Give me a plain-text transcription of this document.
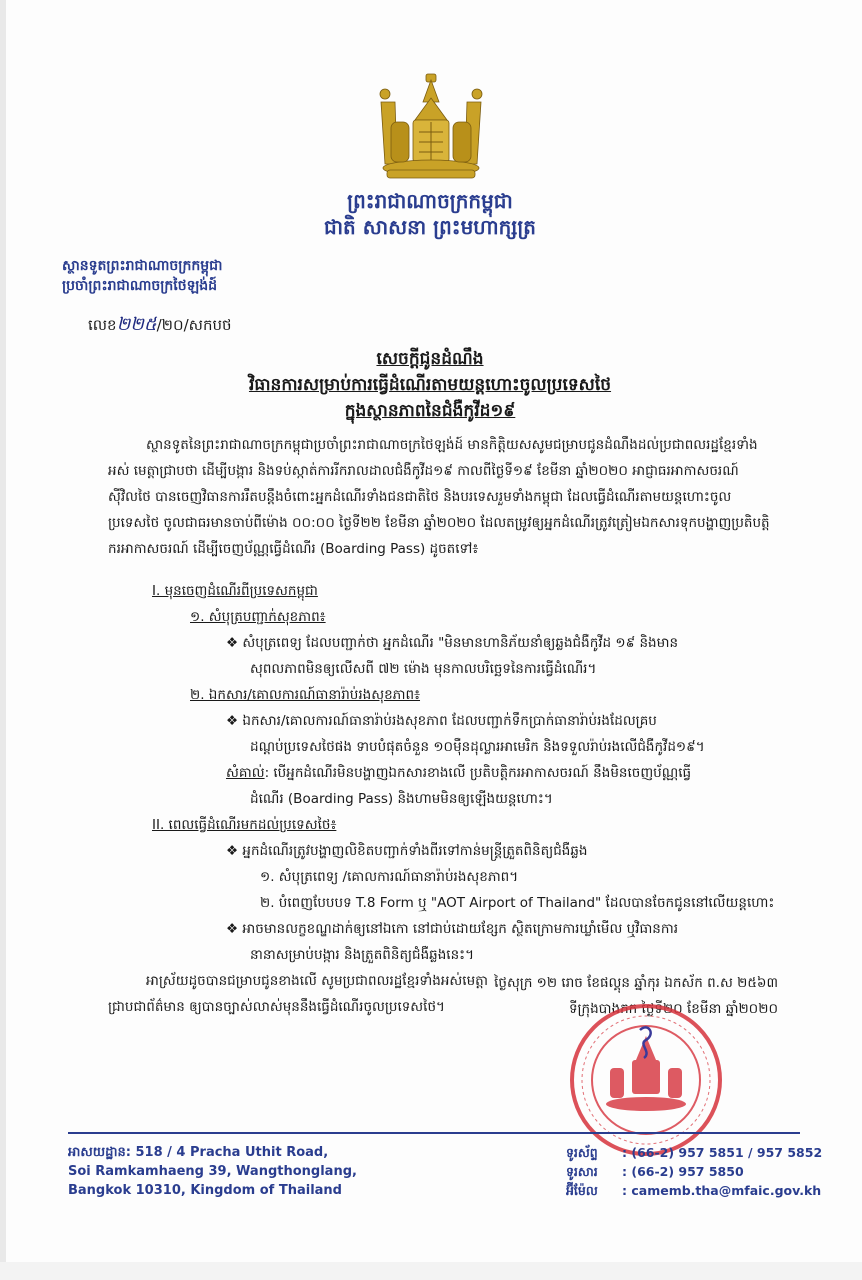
ព្រះរាជាណាចក្រកម្ពុជា
ជាតិ សាសនា ព្រះមហាក្សត្រ
ស្ថានទូតព្រះរាជាណាចក្រកម្ពុជា
ប្រចាំព្រះរាជាណាចក្រថៃឡង់ដ៍
លេខ២២៥/២០/សកបថ
សេចក្តីជូនដំណឹង
វិធានការសម្រាប់ការធ្វើដំណើរតាមយន្តហោះចូលប្រទេសថៃ
ក្នុងស្ថានភាពនៃជំងឺកូវីដ១៩

ស្ថានទូតនៃព្រះរាជាណាចក្រកម្ពុជាប្រចាំព្រះរាជាណាចក្រថៃឡង់ដ៍ មានកិត្តិយសសូមជម្រាបជូនដំណឹងដល់ប្រជាពលរដ្ឋខ្មែរទាំងអស់ មេត្តាជ្រាបថា ដើម្បីបង្ការ និងទប់ស្កាត់ការរីករាលដាលជំងឺកូវីដ១៩ កាលពីថ្ងៃទី១៩ ខែមីនា ឆ្នាំ២០២០ អាជ្ញាធរអាកាសចរណ៍ស៊ីវិលថៃ បានចេញវិធានការរឹតបន្តឹងចំពោះអ្នកដំណើរទាំងជនជាតិថៃ និងបរទេសរួមទាំងកម្ពុជា ដែលធ្វើដំណើរតាមយន្តហោះចូលប្រទេសថៃ ចូលជាធរមានចាប់ពីម៉ោង ០០:០០ ថ្ងៃទី២២ ខែមីនា ឆ្នាំ២០២០ ដែលតម្រូវឲ្យអ្នកដំណើរត្រូវត្រៀមឯកសារទុកបង្ហាញប្រតិបត្តិករអាកាសចរណ៍ ដើម្បីចេញប័ណ្ណធ្វើដំណើរ (Boarding Pass) ដូចតទៅ៖

I. មុនចេញដំណើរពីប្រទេសកម្ពុជា
១. សំបុត្របញ្ជាក់សុខភាព៖
❖ សំបុត្រពេទ្យ ដែលបញ្ជាក់ថា អ្នកដំណើរ "មិនមានហានិភ័យនាំឲ្យឆ្លងជំងឺកូវីដ ១៩ និងមាន
សុពលភាពមិនឲ្យលើសពី ៧២ ម៉ោង មុនកាលបរិច្ឆេទនៃការធ្វើដំណើរ។
២. ឯកសារ/គោលការណ៍ធានារ៉ាប់រងសុខភាព៖
❖ ឯកសារ/គោលការណ៍ធានារ៉ាប់រងសុខភាព ដែលបញ្ជាក់ទឹកប្រាក់ធានារ៉ាប់រងដែលគ្រប
ដណ្តប់ប្រទេសថៃផង ទាបបំផុតចំនួន ១០ម៉ឺនដុល្លារអាមេរិក និងទទួលរ៉ាប់រងលើជំងឺកូវីដ១៩។
សំគាល់: បើអ្នកដំណើរមិនបង្ហាញឯកសារខាងលើ ប្រតិបត្តិករអាកាសចរណ៍ នឹងមិនចេញប័ណ្ណធ្វើ
ដំណើរ (Boarding Pass) និងហាមមិនឲ្យឡើងយន្តហោះ។
II. ពេលធ្វើដំណើរមកដល់ប្រទេសថៃ៖
❖ អ្នកដំណើរត្រូវបង្ហាញលិខិតបញ្ជាក់ទាំងពីរទៅកាន់មន្ត្រីត្រួតពិនិត្យជំងឺឆ្លង
១. សំបុត្រពេទ្យ /គោលការណ៍ធានារ៉ាប់រងសុខភាព។
២. បំពេញបែបបទ T.8 Form ឬ "AOT Airport of Thailand" ដែលបានចែកជូននៅលើយន្តហោះ
❖ អាចមានលក្ខខណ្ឌដាក់ឲ្យនៅឯកោ នៅជាប់ដោយខ្សែក ស្ថិតក្រោមការឃ្លាំមើល ឬវិធានការ
នានាសម្រាប់បង្ការ និងត្រួតពិនិត្យជំងឺឆ្លងនេះ។

អាស្រ័យដូចបានជម្រាបជូនខាងលើ សូមប្រជាពលរដ្ឋខ្មែរទាំងអស់មេត្តាជ្រាបជាព័ត៌មាន ឲ្យបានច្បាស់លាស់មុននឹងធ្វើដំណើរចូលប្រទេសថៃ។

ថ្ងៃសុក្រ ១២ រោច ខែផល្គុន ឆ្នាំកុរ ឯកស័ក ព.ស ២៥៦៣
ទីក្រុងបាងកក ថ្ងៃទី២០ ខែមីនា ឆ្នាំ២០២០
អាសយដ្ឋាន: 518 / 4 Pracha Uthit Road,
Soi Ramkamhaeng 39, Wangthonglang,
Bangkok 10310, Kingdom of Thailand
ទូរស័ព្ទ : (66-2) 957 5851 / 957 5852
ទូរសារ : (66-2) 957 5850
អ៊ីម៉ែល : camemb.tha@mfaic.gov.kh
